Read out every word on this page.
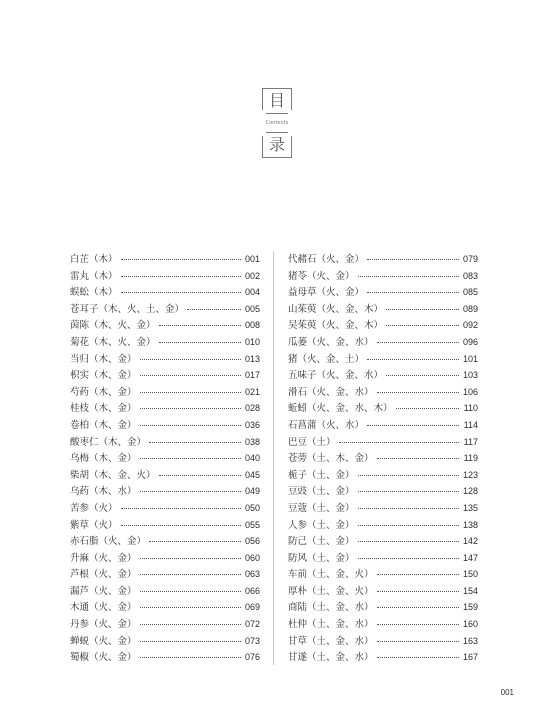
目
Contents
录
白芷（木）	001
雷丸（木）	002
蜈蚣（木）	004
苍耳子（木、火、土、金）	005
茵陈（木、火、金）	008
菊花（木、火、金）	010
当归（木、金）	013
枳实（木、金）	017
芍药（木、金）	021
桂枝（木、金）	028
卷柏（木、金）	036
酸枣仁（木、金）	038
乌梅（木、金）	040
柴胡（木、金、火）	045
乌药（木、水）	049
苦参（火）	050
紫草（火）	055
赤石脂（火、金）	056
升麻（火、金）	060
芦根（火、金）	063
漏芦（火、金）	066
木通（火、金）	069
丹参（火、金）	072
蝉蜕（火、金）	073
蜀椒（火、金）	076
代赭石（火、金）	079
猪苓（火、金）	083
益母草（火、金）	085
山茱萸（火、金、木）	089
吴茱萸（火、金、木）	092
瓜蒌（火、金、水）	096
猪（火、金、土）	101
五味子（火、金、水）	103
滑石（火、金、水）	106
蚯蚓（火、金、水、木）	110
石菖蒲（火、水）	114
巴豆（土）	117
苍蒡（土、木、金）	119
栀子（土、金）	123
豆豉（土、金）	128
豆蔻（土、金）	135
人参（土、金）	138
防己（土、金）	142
防风（土、金）	147
车前（土、金、火）	150
厚朴（土、金、火）	154
商陆（土、金、水）	159
杜仲（土、金、水）	160
甘草（土、金、水）	163
甘遂（土、金、水）	167
001
